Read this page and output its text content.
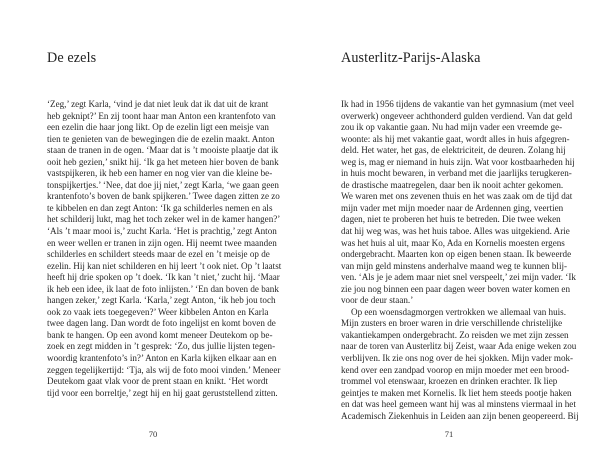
De ezels
‘Zeg,’ zegt Karla, ‘vind je dat niet leuk dat ik dat uit de krant
heb geknipt?’ En zij toont haar man Anton een krantenfoto van
een ezelin die haar jong likt. Op de ezelin ligt een meisje van
tien te genieten van de bewegingen die de ezelin maakt. Anton
staan de tranen in de ogen. ‘Maar dat is ’t mooiste plaatje dat ik
ooit heb gezien,’ snikt hij. ‘Ik ga het meteen hier boven de bank
vastspijkeren, ik heb een hamer en nog vier van die kleine be-
tonspijkertjes.’ ‘Nee, dat doe jij niet,’ zegt Karla, ‘we gaan geen
krantenfoto’s boven de bank spijkeren.’ Twee dagen zitten ze zo
te kibbelen en dan zegt Anton: ‘Ik ga schilderles nemen en als
het schilderij lukt, mag het toch zeker wel in de kamer hangen?’
‘Als ’t maar mooi is,’ zucht Karla. ‘Het is prachtig,’ zegt Anton
en weer wellen er tranen in zijn ogen. Hij neemt twee maanden
schilderles en schildert steeds maar de ezel en ’t meisje op de
ezelin. Hij kan niet schilderen en hij leert ’t ook niet. Op ’t laatst
heeft hij drie spoken op ’t doek. ‘Ik kan ’t niet,’ zucht hij. ‘Maar
ik heb een idee, ik laat de foto inlijsten.’ ‘En dan boven de bank
hangen zeker,’ zegt Karla. ‘Karla,’ zegt Anton, ‘ik heb jou toch
ook zo vaak iets toegegeven?’ Weer kibbelen Anton en Karla
twee dagen lang. Dan wordt de foto ingelijst en komt boven de
bank te hangen. Op een avond komt meneer Deutekom op be-
zoek en zegt midden in ’t gesprek: ‘Zo, dus jullie lijsten tegen-
woordig krantenfoto’s in?’ Anton en Karla kijken elkaar aan en
zeggen tegelijkertijd: ‘Tja, als wij de foto mooi vinden.’ Meneer
Deutekom gaat vlak voor de prent staan en knikt. ‘Het wordt
tijd voor een borreltje,’ zegt hij en hij gaat geruststellend zitten.
70
Austerlitz-Parijs-Alaska
Ik had in 1956 tijdens de vakantie van het gymnasium (met veel
overwerk) ongeveer achthonderd gulden verdiend. Van dat geld
zou ik op vakantie gaan. Nu had mijn vader een vreemde ge-
woonte: als hij met vakantie gaat, wordt alles in huis afgegren-
deld. Het water, het gas, de elektriciteit, de deuren. Zolang hij
weg is, mag er niemand in huis zijn. Wat voor kostbaarheden hij
in huis mocht bewaren, in verband met die jaarlijks terugkeren-
de drastische maatregelen, daar ben ik nooit achter gekomen.
We waren met ons zevenen thuis en het was zaak om de tijd dat
mijn vader met mijn moeder naar de Ardennen ging, veertien
dagen, niet te proberen het huis te betreden. Die twee weken
dat hij weg was, was het huis taboe. Alles was uitgekiend. Arie
was het huis al uit, maar Ko, Ada en Kornelis moesten ergens
ondergebracht. Maarten kon op eigen benen staan. Ik beweerde
van mijn geld minstens anderhalve maand weg te kunnen blij-
ven. ‘Als je je adem maar niet snel verspeelt,’ zei mijn vader. ‘Ik
zie jou nog binnen een paar dagen weer boven water komen en
voor de deur staan.’
Op een woensdagmorgen vertrokken we allemaal van huis.
Mijn zusters en broer waren in drie verschillende christelijke
vakantiekampen ondergebracht. Zo reisden we met zijn zessen
naar de toren van Austerlitz bij Zeist, waar Ada enige weken zou
verblijven. Ik zie ons nog over de hei sjokken. Mijn vader mok-
kend over een zandpad voorop en mijn moeder met een brood-
trommel vol etenswaar, kroezen en drinken erachter. Ik liep
geintjes te maken met Kornelis. Ik liet hem steeds pootje haken
en dat was heel gemeen want hij was al minstens viermaal in het
Academisch Ziekenhuis in Leiden aan zijn benen geopereerd. Bij
71
